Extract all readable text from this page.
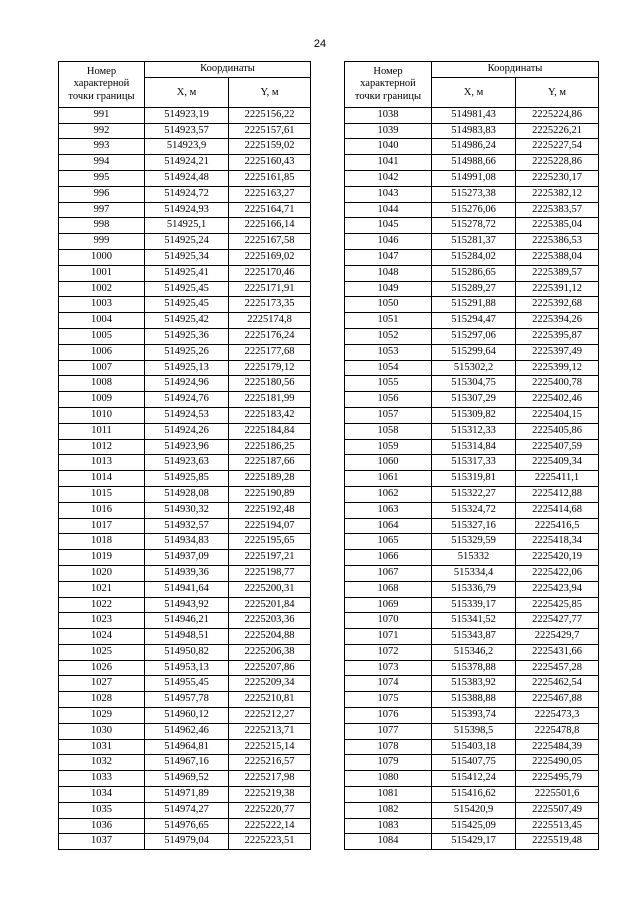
24
Номер
характерной
точки границы	Координаты	
	X, м	Y, м
991	514923,19	2225156,22
992	514923,57	2225157,61
993	514923,9	2225159,02
994	514924,21	2225160,43
995	514924,48	2225161,85
996	514924,72	2225163,27
997	514924,93	2225164,71
998	514925,1	2225166,14
999	514925,24	2225167,58
1000	514925,34	2225169,02
1001	514925,41	2225170,46
1002	514925,45	2225171,91
1003	514925,45	2225173,35
1004	514925,42	2225174,8
1005	514925,36	2225176,24
1006	514925,26	2225177,68
1007	514925,13	2225179,12
1008	514924,96	2225180,56
1009	514924,76	2225181,99
1010	514924,53	2225183,42
1011	514924,26	2225184,84
1012	514923,96	2225186,25
1013	514923,63	2225187,66
1014	514925,85	2225189,28
1015	514928,08	2225190,89
1016	514930,32	2225192,48
1017	514932,57	2225194,07
1018	514934,83	2225195,65
1019	514937,09	2225197,21
1020	514939,36	2225198,77
1021	514941,64	2225200,31
1022	514943,92	2225201,84
1023	514946,21	2225203,36
1024	514948,51	2225204,88
1025	514950,82	2225206,38
1026	514953,13	2225207,86
1027	514955,45	2225209,34
1028	514957,78	2225210,81
1029	514960,12	2225212,27
1030	514962,46	2225213,71
1031	514964,81	2225215,14
1032	514967,16	2225216,57
1033	514969,52	2225217,98
1034	514971,89	2225219,38
1035	514974,27	2225220,77
1036	514976,65	2225222,14
1037	514979,04	2225223,51
Номер
характерной
точки границы	Координаты	
	X, м	Y, м
1038	514981,43	2225224,86
1039	514983,83	2225226,21
1040	514986,24	2225227,54
1041	514988,66	2225228,86
1042	514991,08	2225230,17
1043	515273,38	2225382,12
1044	515276,06	2225383,57
1045	515278,72	2225385,04
1046	515281,37	2225386,53
1047	515284,02	2225388,04
1048	515286,65	2225389,57
1049	515289,27	2225391,12
1050	515291,88	2225392,68
1051	515294,47	2225394,26
1052	515297,06	2225395,87
1053	515299,64	2225397,49
1054	515302,2	2225399,12
1055	515304,75	2225400,78
1056	515307,29	2225402,46
1057	515309,82	2225404,15
1058	515312,33	2225405,86
1059	515314,84	2225407,59
1060	515317,33	2225409,34
1061	515319,81	2225411,1
1062	515322,27	2225412,88
1063	515324,72	2225414,68
1064	515327,16	2225416,5
1065	515329,59	2225418,34
1066	515332	2225420,19
1067	515334,4	2225422,06
1068	515336,79	2225423,94
1069	515339,17	2225425,85
1070	515341,52	2225427,77
1071	515343,87	2225429,7
1072	515346,2	2225431,66
1073	515378,88	2225457,28
1074	515383,92	2225462,54
1075	515388,88	2225467,88
1076	515393,74	2225473,3
1077	515398,5	2225478,8
1078	515403,18	2225484,39
1079	515407,75	2225490,05
1080	515412,24	2225495,79
1081	515416,62	2225501,6
1082	515420,9	2225507,49
1083	515425,09	2225513,45
1084	515429,17	2225519,48
